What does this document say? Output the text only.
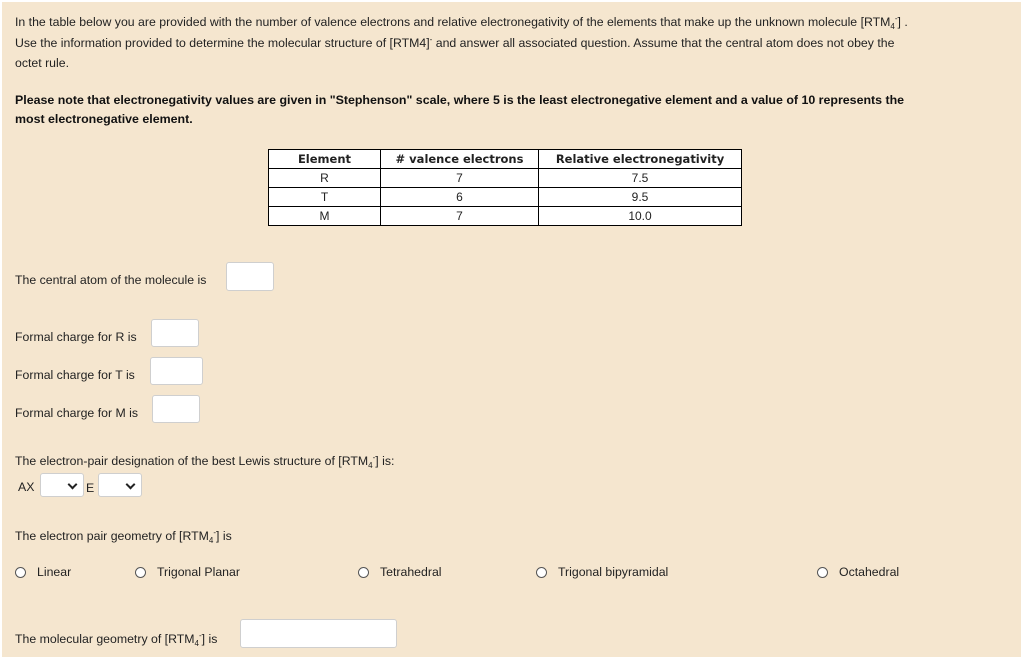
In the table below you are provided with the number of valence electrons and relative electronegativity of the elements that make up the unknown molecule $[RTM_4^-]$ .
Use the information provided to determine the molecular structure of [RTM4]- and answer all associated question. Assume that the central atom does not obey the
octet rule.
Please note that electronegativity values are given in "Stephenson" scale, where 5 is the least electronegative element and a value of 10 represents the
most electronegative element.
Element	# valence electrons	Relative electronegativity
R	7	7.5
T	6	9.5
M	7	10.0
The central atom of the molecule is
Formal charge for R is
Formal charge for T is
Formal charge for M is
The electron-pair designation of the best Lewis structure of $[RTM_4^-]$ is:
AX	E
The electron pair geometry of $[RTM_4^-]$ is
Linear	Trigonal Planar	Tetrahedral	Trigonal bipyramidal	Octahedral
The molecular geometry of $[RTM_4^-]$ is
